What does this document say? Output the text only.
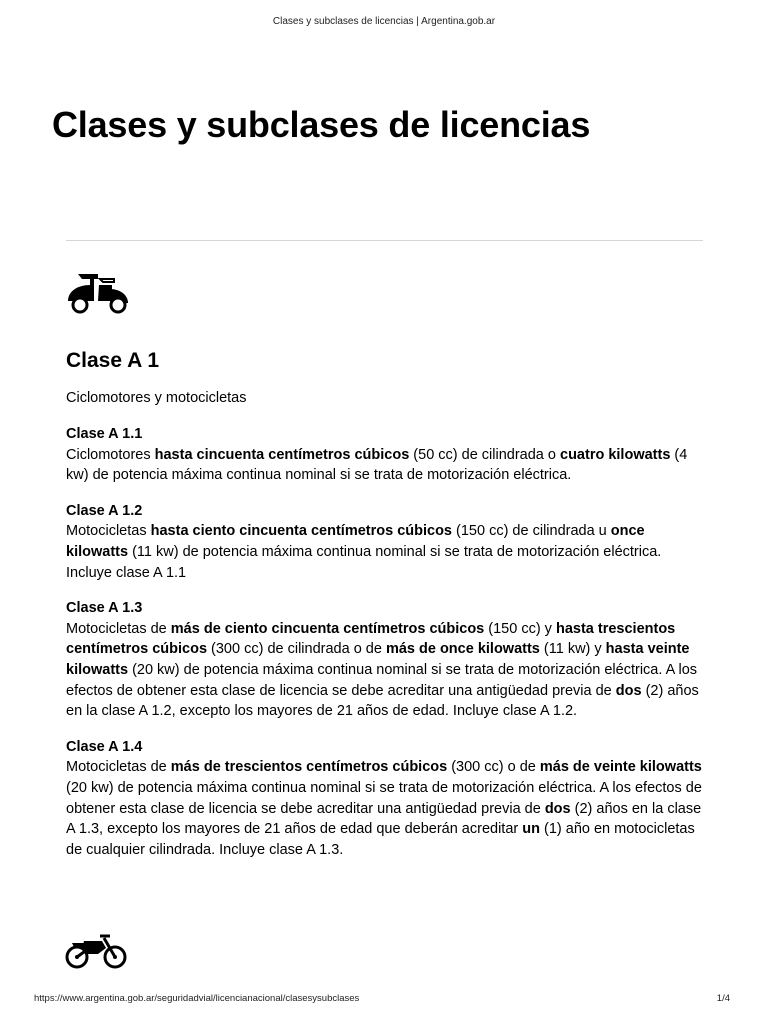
Clases y subclases de licencias | Argentina.gob.ar
Clases y subclases de licencias
Clase A 1

Ciclomotores y motocicletas

Clase A 1.1
Ciclomotores hasta cincuenta centímetros cúbicos (50 cc) de cilindrada o cuatro kilowatts (4 kw) de potencia máxima continua nominal si se trata de motorización eléctrica.
Clase A 1.2
Motocicletas hasta ciento cincuenta centímetros cúbicos (150 cc) de cilindrada u once kilowatts (11 kw) de potencia máxima continua nominal si se trata de motorización eléctrica. Incluye clase A 1.1
Clase A 1.3
Motocicletas de más de ciento cincuenta centímetros cúbicos (150 cc) y hasta trescientos centímetros cúbicos (300 cc) de cilindrada o de más de once kilowatts (11 kw) y hasta veinte kilowatts (20 kw) de potencia máxima continua nominal si se trata de motorización eléctrica. A los efectos de obtener esta clase de licencia se debe acreditar una antigüedad previa de dos (2) años en la clase A 1.2, excepto los mayores de 21 años de edad. Incluye clase A 1.2.
Clase A 1.4
Motocicletas de más de trescientos centímetros cúbicos (300 cc) o de más de veinte kilowatts (20 kw) de potencia máxima continua nominal si se trata de motorización eléctrica. A los efectos de obtener esta clase de licencia se debe acreditar una antigüedad previa de dos (2) años en la clase A 1.3, excepto los mayores de 21 años de edad que deberán acreditar un (1) año en motocicletas de cualquier cilindrada. Incluye clase A 1.3.
https://www.argentina.gob.ar/seguridadvial/licencianacional/clasesysubclases	1/4
